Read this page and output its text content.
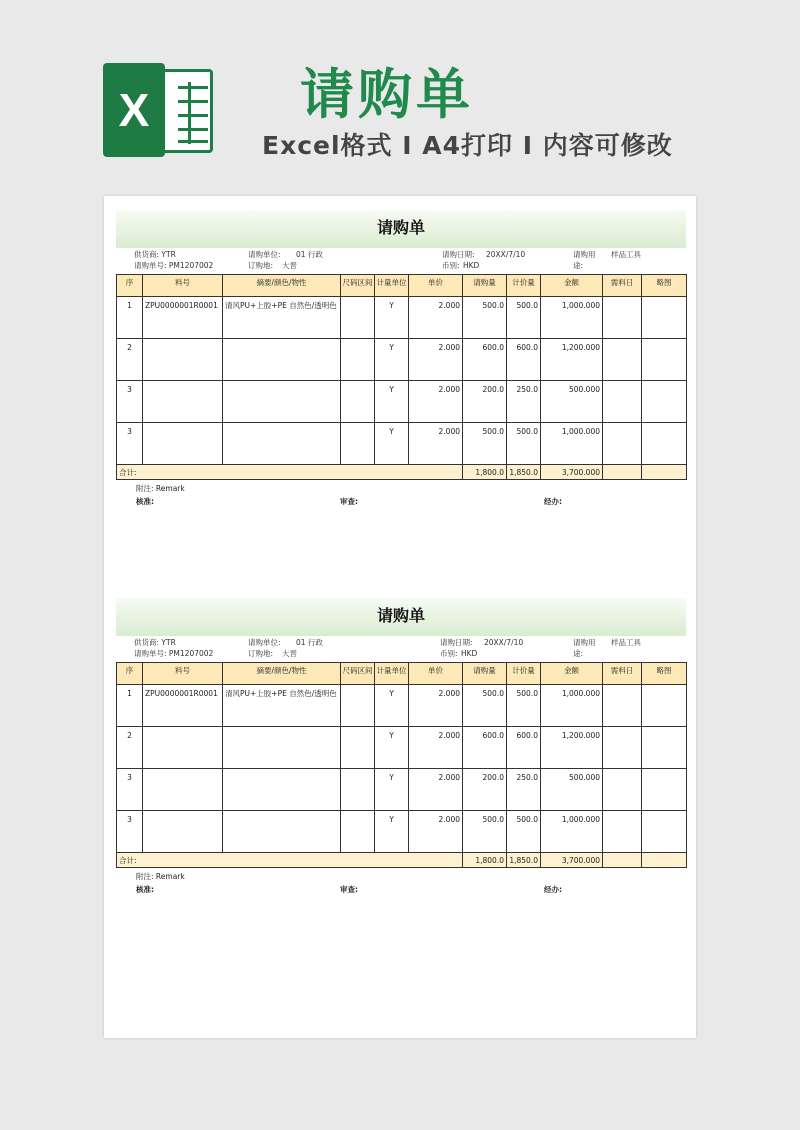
X	请购单
Excel格式 Ⅰ A4打印 Ⅰ 内容可修改
请购单
供货商: YTR	请购单位: 01 行政	请购日期: 20XX/7/10	请购用 样品工具
请购单号: PM1207002	订购地: 大晋	币别: HKD	途:
序	料号	摘要/颜色/物性	尺码区间	计量单位	单价	请购量	计价量	金额	需料日	略图
1	ZPU0000001R0001	清风PU+上胶+PE 自然色/透明色		Y	2.000	500.0	500.0	1,000.000		
2				Y	2.000	600.0	600.0	1,200.000		
3				Y	2.000	200.0	250.0	500.000		
3				Y	2.000	500.0	500.0	1,000.000		
合计:						1,800.0	1,850.0	3,700.000		
附注: Remark
核准:	审查:	经办:
请购单
供货商: YTR	请购单位: 01 行政	请购日期: 20XX/7/10	请购用 样品工具
请购单号: PM1207002	订购地: 大晋	币别: HKD	途:
序	料号	摘要/颜色/物性	尺码区间	计量单位	单价	请购量	计价量	金额	需料日	略图
1	ZPU0000001R0001	清风PU+上胶+PE 自然色/透明色		Y	2.000	500.0	500.0	1,000.000		
2				Y	2.000	600.0	600.0	1,200.000		
3				Y	2.000	200.0	250.0	500.000		
3				Y	2.000	500.0	500.0	1,000.000		
合计:						1,800.0	1,850.0	3,700.000		
附注: Remark
核准:	审查:	经办:
